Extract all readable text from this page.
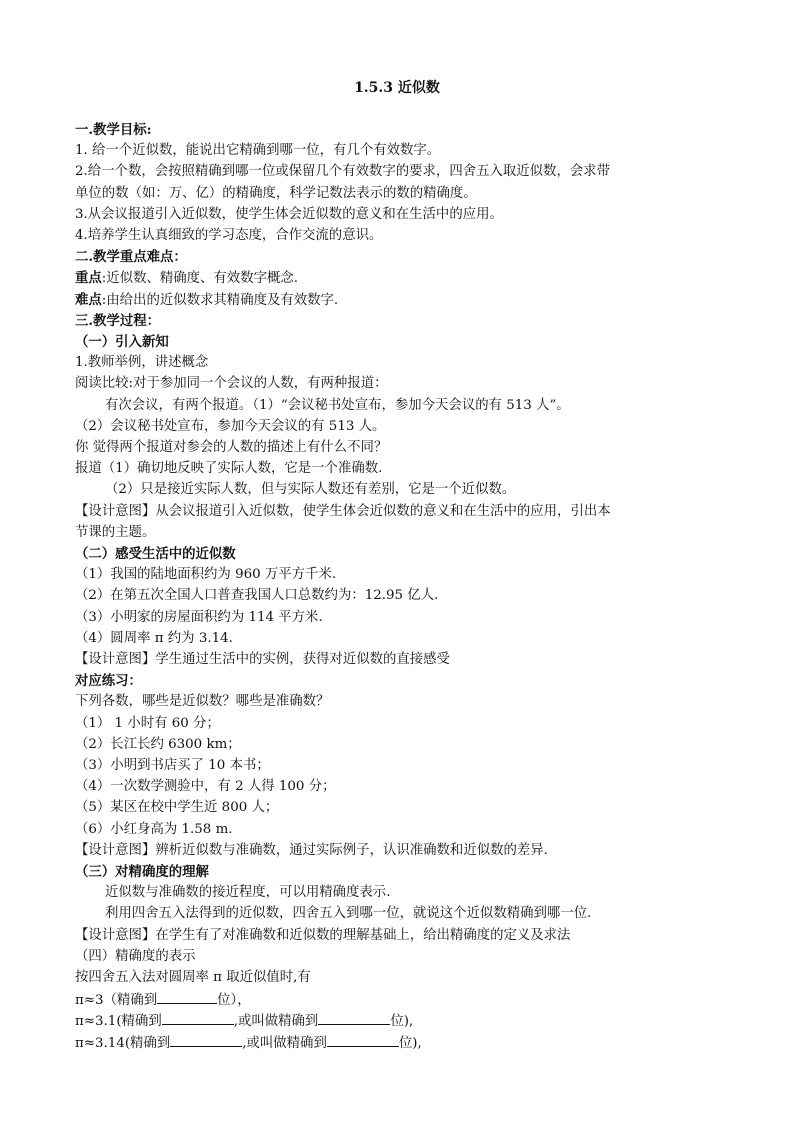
1.5.3 近似数
一.教学目标:
1. 给一个近似数，能说出它精确到哪一位，有几个有效数字。
2.给一个数，会按照精确到哪一位或保留几个有效数字的要求，四舍五入取近似数，会求带
单位的数（如：万、亿）的精确度，科学记数法表示的数的精确度。
3.从会议报道引入近似数，使学生体会近似数的意义和在生活中的应用。
4.培养学生认真细致的学习态度，合作交流的意识。
二.教学重点难点：
重点:近似数、精确度、有效数字概念.
难点:由给出的近似数求其精确度及有效数字.
三.教学过程：
（一）引入新知
1.教师举例，讲述概念
阅读比较:对于参加同一个会议的人数，有两种报道：
有次会议，有两个报道。（1）“会议秘书处宣布，参加今天会议的有 513 人”。
（2）会议秘书处宣布，参加今天会议的有 513 人。
你 觉得两个报道对参会的人数的描述上有什么不同？
报道（1）确切地反映了实际人数，它是一个准确数.
（2）只是接近实际人数，但与实际人数还有差别，它是一个近似数。
【设计意图】从会议报道引入近似数，使学生体会近似数的意义和在生活中的应用，引出本
节课的主题。
（二）感受生活中的近似数
（1）我国的陆地面积约为 960 万平方千米.
（2）在第五次全国人口普查我国人口总数约为：12.95 亿人.
（3）小明家的房屋面积约为 114 平方米.
（4）圆周率 π 约为 3.14.
【设计意图】学生通过生活中的实例，获得对近似数的直接感受
对应练习：
下列各数，哪些是近似数？哪些是准确数？
（1） 1 小时有 60 分；
（2）长江长约 6300 km；
（3）小明到书店买了 10 本书；
（4）一次数学测验中，有 2 人得 100 分；
（5）某区在校中学生近 800 人；
（6）小红身高为 1.58 m.
【设计意图】辨析近似数与准确数，通过实际例子，认识准确数和近似数的差异.
（三）对精确度的理解
近似数与准确数的接近程度，可以用精确度表示.
利用四舍五入法得到的近似数，四舍五入到哪一位，就说这个近似数精确到哪一位.
【设计意图】在学生有了对准确数和近似数的理解基础上，给出精确度的定义及求法
（四）精确度的表示
按四舍五入法对圆周率 π 取近似值时,有
π≈3（精确到	位），
π≈3.1(精确到	,或叫做精确到	位),
π≈3.14(精确到	,或叫做精确到	位),
